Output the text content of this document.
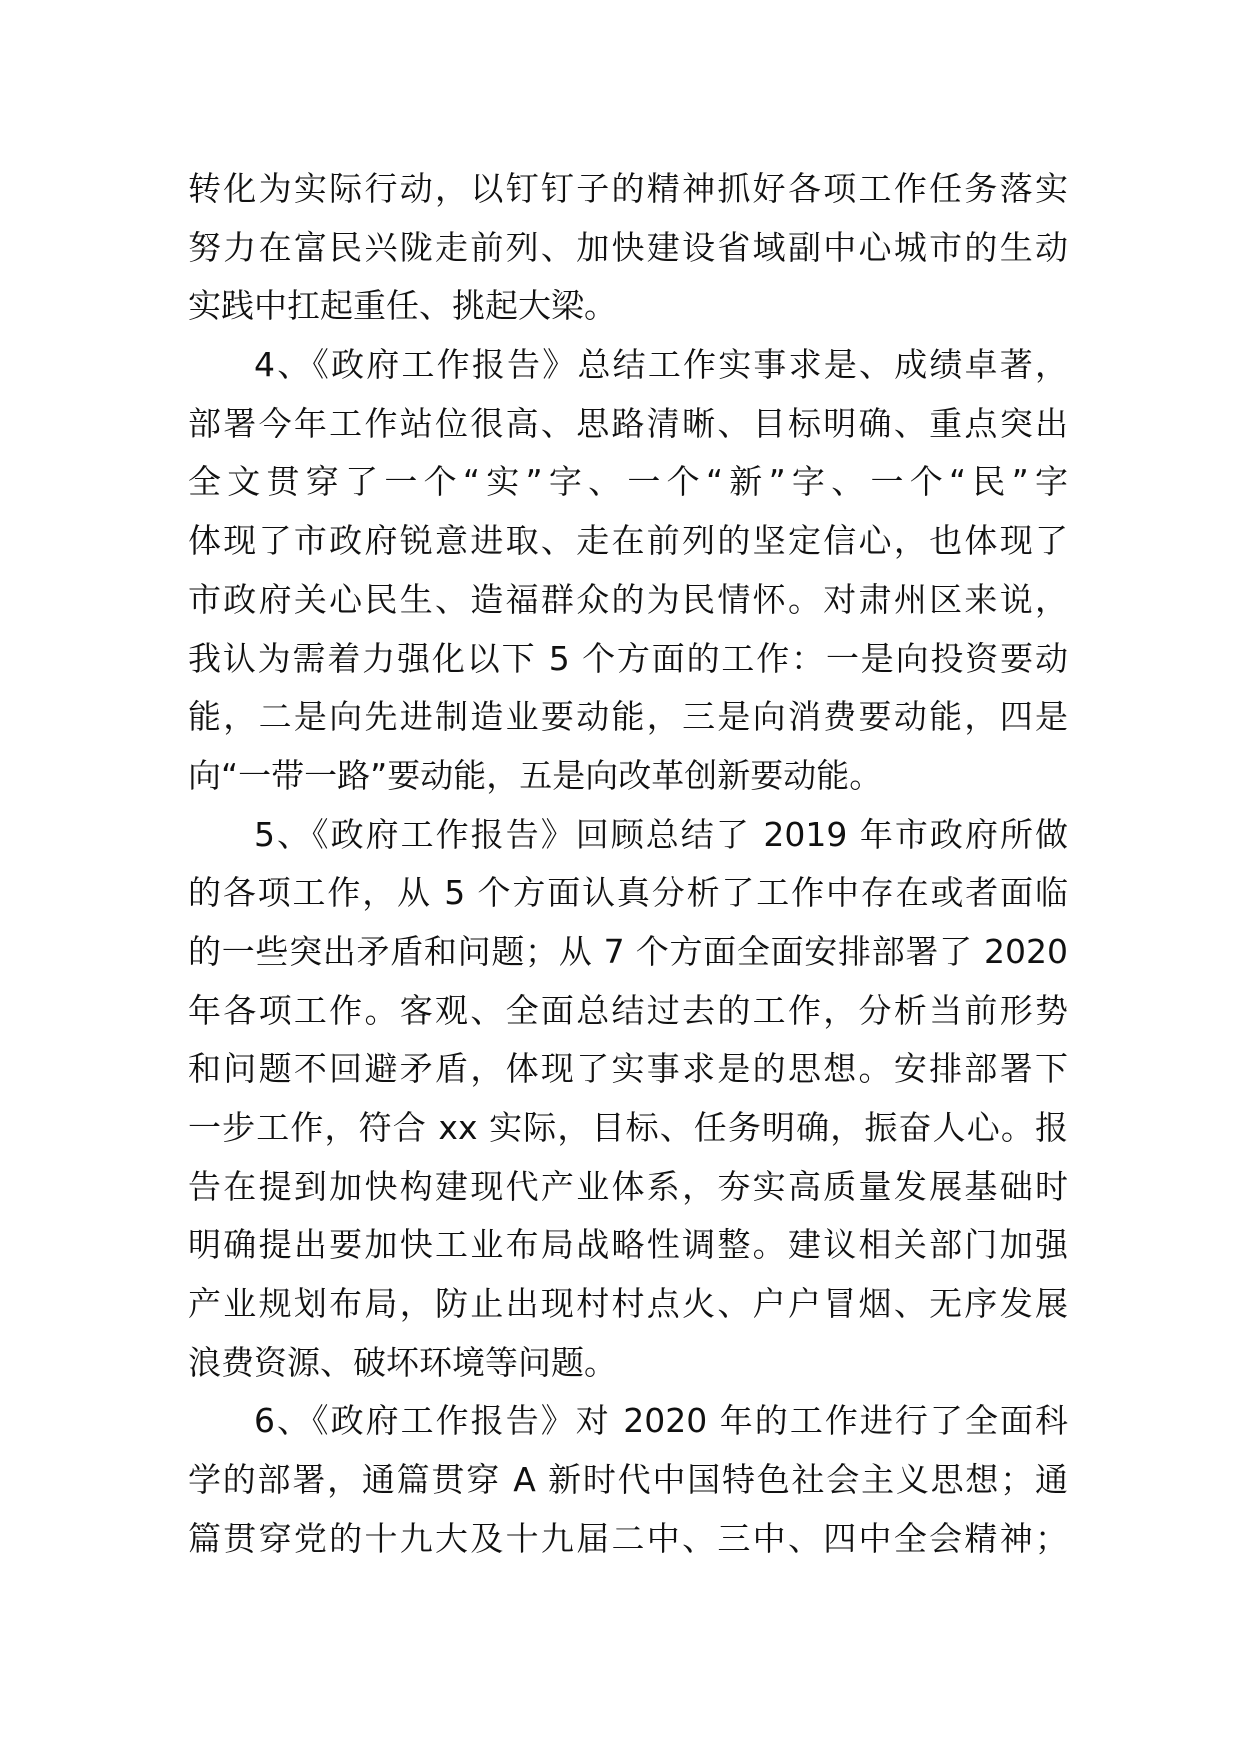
转化为实际行动，以钉钉子的精神抓好各项工作任务落实
努力在富民兴陇走前列、加快建设省域副中心城市的生动
实践中扛起重任、挑起大梁。
4、《政府工作报告》总结工作实事求是、成绩卓著，
部署今年工作站位很高、思路清晰、目标明确、重点突出
全文贯穿了一个“实”字、一个“新”字、一个“民”字
体现了市政府锐意进取、走在前列的坚定信心，也体现了
市政府关心民生、造福群众的为民情怀。对肃州区来说，
我认为需着力强化以下 5 个方面的工作：一是向投资要动
能，二是向先进制造业要动能，三是向消费要动能，四是
向“一带一路”要动能，五是向改革创新要动能。
5、《政府工作报告》回顾总结了 2019 年市政府所做
的各项工作，从 5 个方面认真分析了工作中存在或者面临
的一些突出矛盾和问题；从 7 个方面全面安排部署了 2020
年各项工作。客观、全面总结过去的工作，分析当前形势
和问题不回避矛盾，体现了实事求是的思想。安排部署下
一步工作，符合 xx 实际，目标、任务明确，振奋人心。报
告在提到加快构建现代产业体系，夯实高质量发展基础时
明确提出要加快工业布局战略性调整。建议相关部门加强
产业规划布局，防止出现村村点火、户户冒烟、无序发展
浪费资源、破坏环境等问题。
6、《政府工作报告》对 2020 年的工作进行了全面科
学的部署，通篇贯穿 A 新时代中国特色社会主义思想；通
篇贯穿党的十九大及十九届二中、三中、四中全会精神；
